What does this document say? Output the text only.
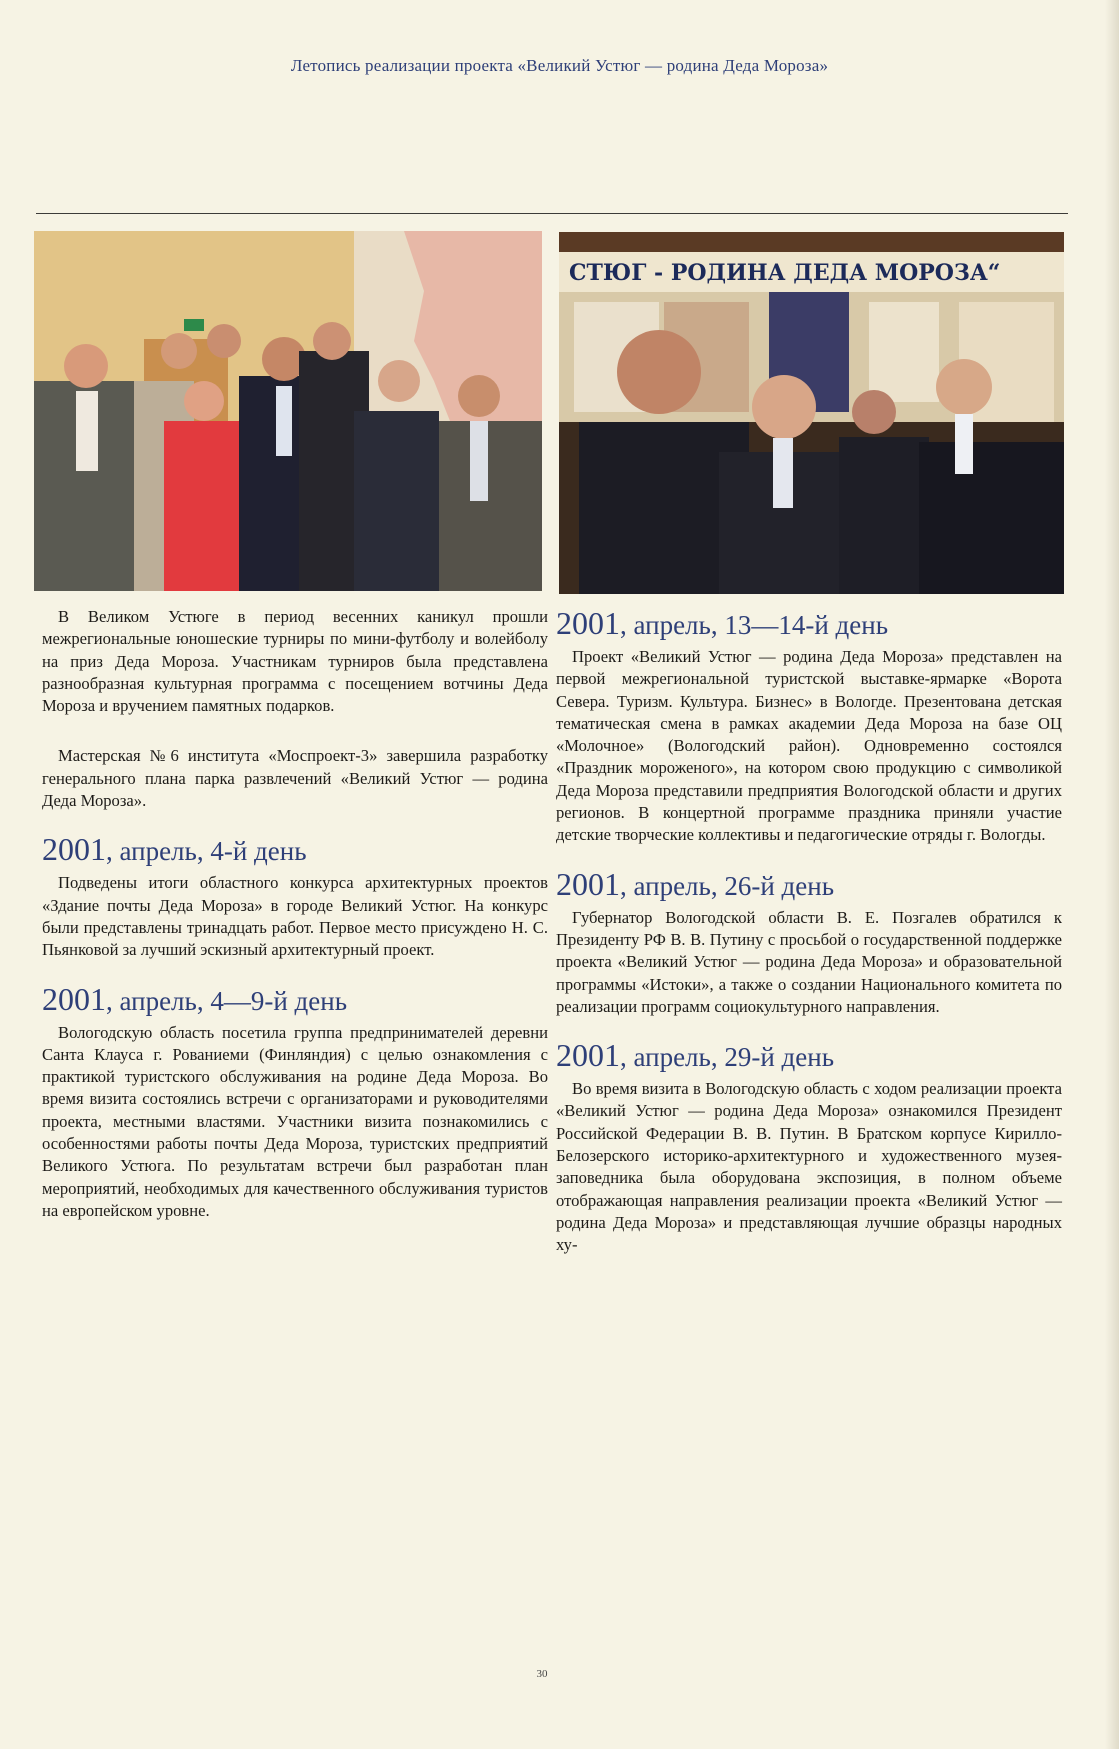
Летопись реализации проекта «Великий Устюг — родина Деда Мороза»
СТЮГ - РОДИНА ДЕДА МОРОЗА“

В Великом Устюге в период весенних каникул прошли межрегиональные юношеские турниры по мини-футболу и волейболу на приз Деда Мороза. Участникам турниров была представлена разнообразная культурная программа с посещением вотчины Деда Мороза и вручением памятных подарков.

Мастерская №6 института «Моспроект-3» завершила разработку генерального плана парка развлечений «Великий Устюг — родина Деда Мороза».

2001, апрель, 4-й день

Подведены итоги областного конкурса архитектурных проектов «Здание почты Деда Мороза» в городе Великий Устюг. На конкурс были представлены тринадцать работ. Первое место присуждено Н. С. Пьянковой за лучший эскизный архитектурный проект.

2001, апрель, 4—9-й день

Вологодскую область посетила группа предпринимателей деревни Санта Клауса г. Рованиеми (Финляндия) с целью ознакомления с практикой туристского обслуживания на родине Деда Мороза. Во время визита состоялись встречи с организаторами и руководителями проекта, местными властями. Участники визита познакомились с особенностями работы почты Деда Мороза, туристских предприятий Великого Устюга. По результатам встречи был разработан план мероприятий, необходимых для качественного обслуживания туристов на европейском уровне.

2001, апрель, 13—14-й день

Проект «Великий Устюг — родина Деда Мороза» представлен на первой межрегиональной туристской выставке-ярмарке «Ворота Севера. Туризм. Культура. Бизнес» в Вологде. Презентована детская тематическая смена в рамках академии Деда Мороза на базе ОЦ «Молочное» (Вологодский район). Одновременно состоялся «Праздник мороженого», на котором свою продукцию с символикой Деда Мороза представили предприятия Вологодской области и других регионов. В концертной программе праздника приняли участие детские творческие коллективы и педагогические отряды г. Вологды.

2001, апрель, 26-й день

Губернатор Вологодской области В. Е. Позгалев обратился к Президенту РФ В. В. Путину с просьбой о государственной поддержке проекта «Великий Устюг — родина Деда Мороза» и образовательной программы «Истоки», а также о создании Национального комитета по реализации программ социокультурного направления.

2001, апрель, 29-й день

Во время визита в Вологодскую область с ходом реализации проекта «Великий Устюг — родина Деда Мороза» ознакомился Президент Российской Федерации В. В. Путин. В Братском корпусе Кирилло-Белозерского историко-архитектурного и художественного музея-заповедника была оборудована экспозиция, в полном объеме отображающая направления реализации проекта «Великий Устюг — родина Деда Мороза» и представляющая лучшие образцы народных ху-

30
